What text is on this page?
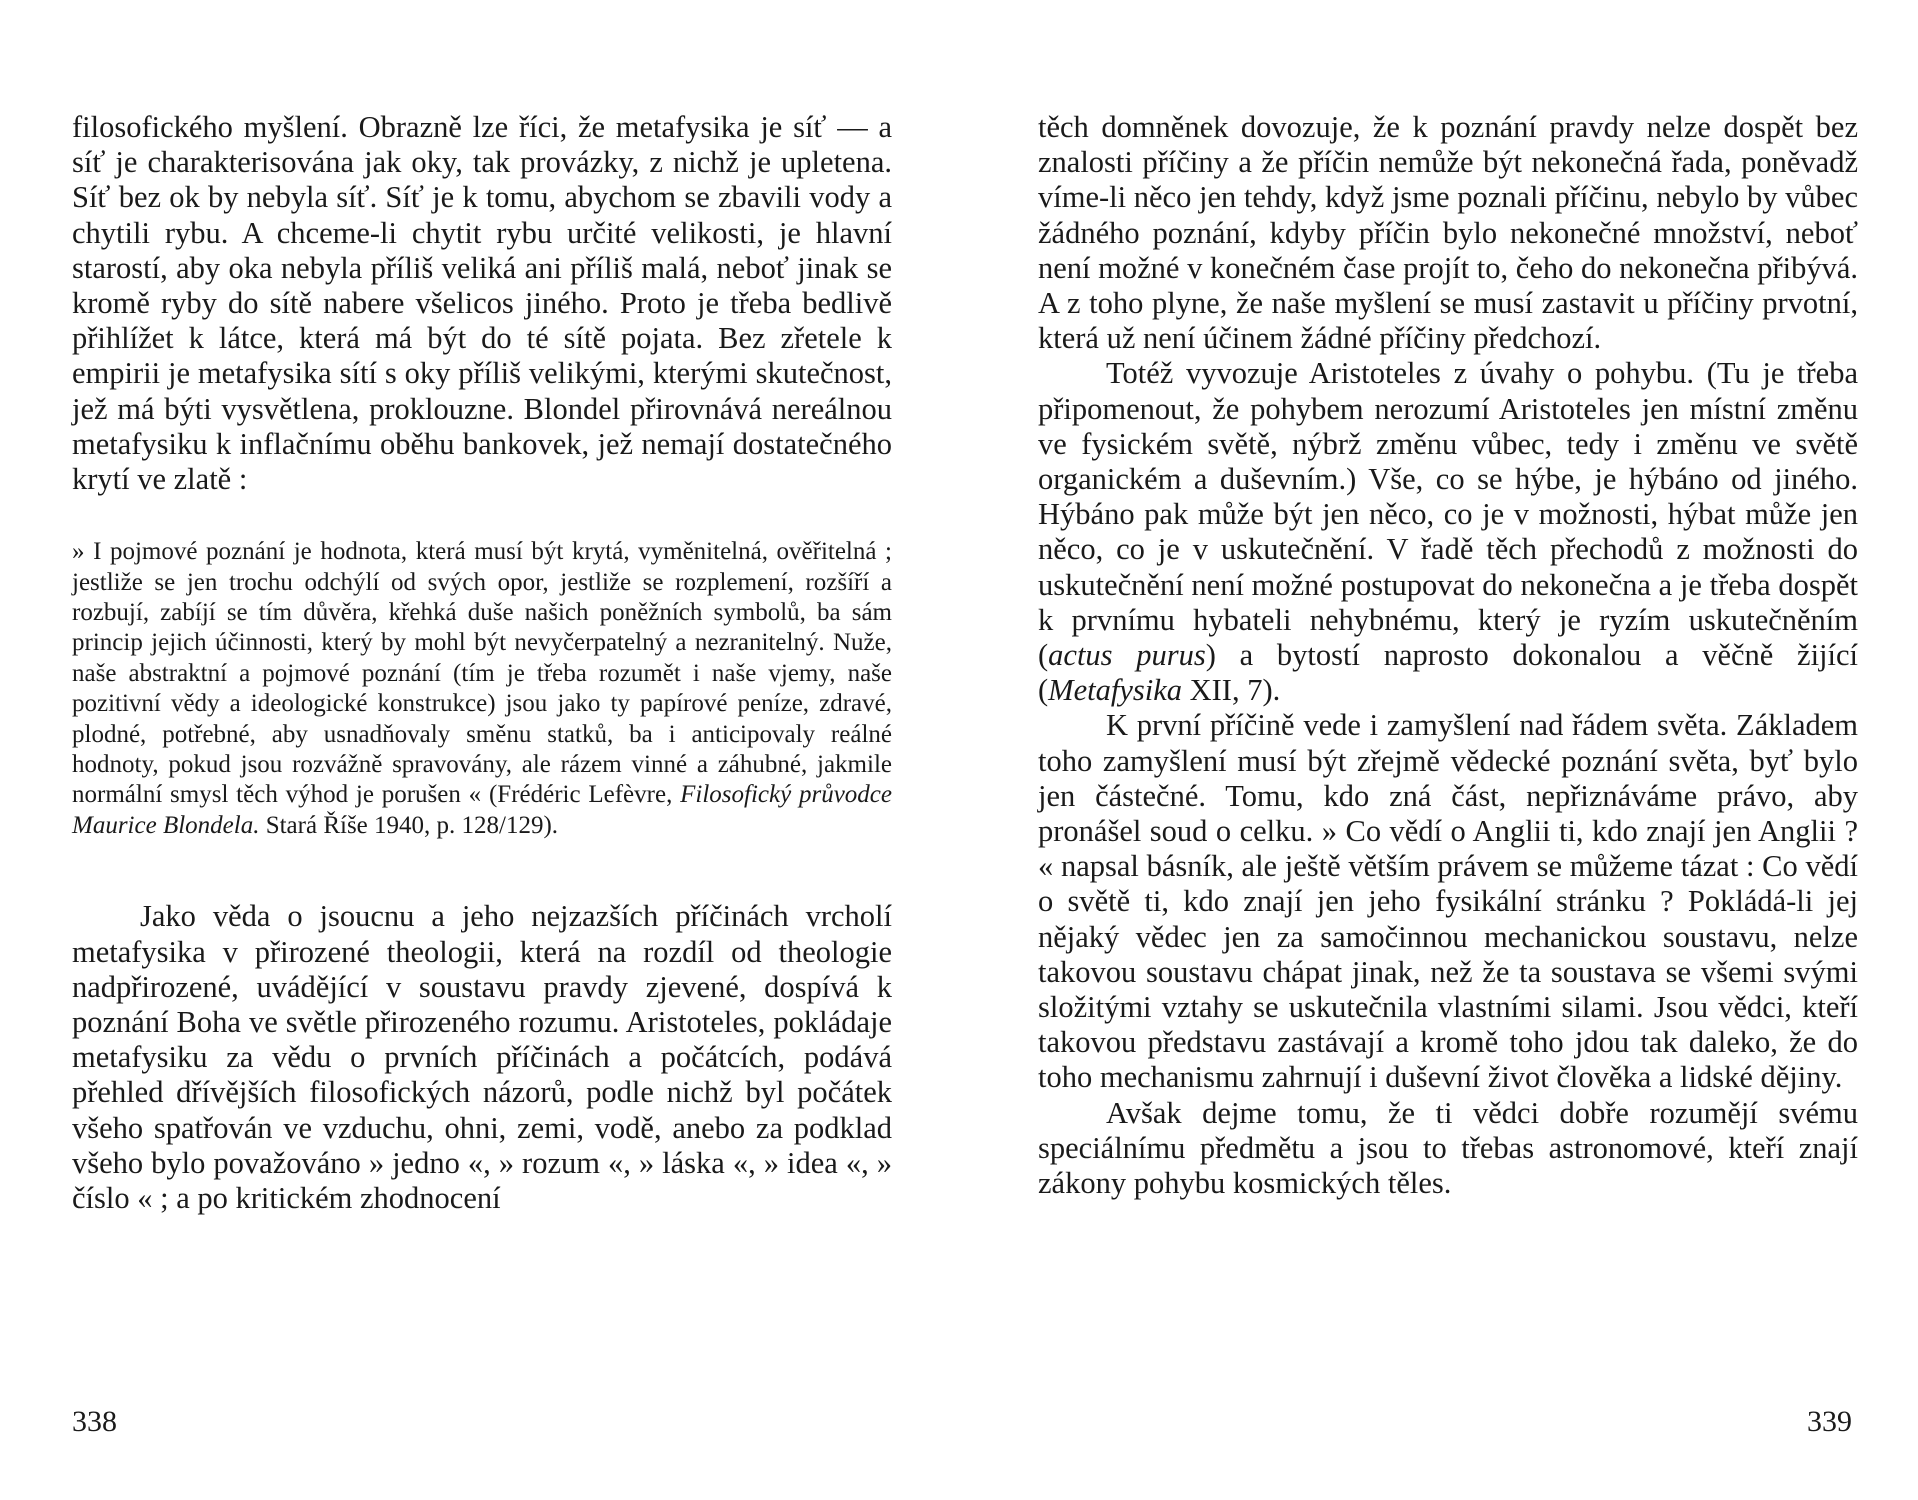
filosofického myšlení. Obrazně lze říci, že metafysika je síť — a síť je charakterisována jak oky, tak provázky, z nichž je upletena. Síť bez ok by nebyla síť. Síť je k tomu, abychom se zbavili vody a chytili rybu. A chceme-li chytit rybu určité velikosti, je hlavní starostí, aby oka nebyla příliš veliká ani příliš malá, neboť jinak se kromě ryby do sítě nabere všelicos jiného. Proto je třeba bedlivě přihlížet k látce, která má být do té sítě pojata. Bez zřetele k empirii je metafysika sítí s oky příliš velikými, kterými skutečnost, jež má býti vysvětlena, proklouzne. Blondel přirovnává nereálnou metafysiku k inflačnímu oběhu bankovek, jež nemají dostatečného krytí ve zlatě :

» I pojmové poznání je hodnota, která musí být krytá, vyměnitelná, ověřitelná ; jestliže se jen trochu odchýlí od svých opor, jestliže se rozplemení, rozšíří a rozbují, zabíjí se tím důvěra, křehká duše našich poněžních symbolů, ba sám princip jejich účinnosti, který by mohl být nevyčerpatelný a nezranitelný. Nuže, naše abstraktní a pojmové poznání (tím je třeba rozumět i naše vjemy, naše pozitivní vědy a ideologické konstrukce) jsou jako ty papírové peníze, zdravé, plodné, potřebné, aby usnadňovaly směnu statků, ba i anticipovaly reálné hodnoty, pokud jsou rozvážně spravovány, ale rázem vinné a záhubné, jakmile normální smysl těch výhod je porušen « (Frédéric Lefèvre, Filosofický průvodce Maurice Blondela. Stará Říše 1940, p. 128/129).

Jako věda o jsoucnu a jeho nejzazších příčinách vrcholí metafysika v přirozené theologii, která na rozdíl od theologie nadpřirozené, uvádějící v soustavu pravdy zjevené, dospívá k poznání Boha ve světle přirozeného rozumu. Aristoteles, pokládaje metafysiku za vědu o prvních příčinách a počátcích, podává přehled dřívějších filosofických názorů, podle nichž byl počátek všeho spatřován ve vzduchu, ohni, zemi, vodě, anebo za podklad všeho bylo považováno » jedno «, » rozum «, » láska «, » idea «, » číslo « ; a po kritickém zhodnocení

338

těch domněnek dovozuje, že k poznání pravdy nelze dospět bez znalosti příčiny a že příčin nemůže být nekonečná řada, poněvadž víme-li něco jen tehdy, když jsme poznali příčinu, nebylo by vůbec žádného poznání, kdyby příčin bylo nekonečné množství, neboť není možné v konečném čase projít to, čeho do nekonečna přibývá. A z toho plyne, že naše myšlení se musí zastavit u příčiny prvotní, která už není účinem žádné příčiny předchozí.

Totéž vyvozuje Aristoteles z úvahy o pohybu. (Tu je třeba připomenout, že pohybem nerozumí Aristoteles jen místní změnu ve fysickém světě, nýbrž změnu vůbec, tedy i změnu ve světě organickém a duševním.) Vše, co se hýbe, je hýbáno od jiného. Hýbáno pak může být jen něco, co je v možnosti, hýbat může jen něco, co je v uskutečnění. V řadě těch přechodů z možnosti do uskutečnění není možné postupovat do nekonečna a je třeba dospět k prvnímu hybateli nehybnému, který je ryzím uskutečněním (actus purus) a bytostí naprosto dokonalou a věčně žijící (Metafysika XII, 7).

K první příčině vede i zamyšlení nad řádem světa. Základem toho zamyšlení musí být zřejmě vědecké poznání světa, byť bylo jen částečné. Tomu, kdo zná část, nepřiznáváme právo, aby pronášel soud o celku. » Co vědí o Anglii ti, kdo znají jen Anglii ? « napsal básník, ale ještě větším právem se můžeme tázat : Co vědí o světě ti, kdo znají jen jeho fysikální stránku ? Pokládá-li jej nějaký vědec jen za samočinnou mechanickou soustavu, nelze takovou soustavu chápat jinak, než že ta soustava se všemi svými složitými vztahy se uskutečnila vlastními silami. Jsou vědci, kteří takovou představu zastávají a kromě toho jdou tak daleko, že do toho mechanismu zahrnují i duševní život člověka a lidské dějiny.

Avšak dejme tomu, že ti vědci dobře rozumějí svému speciálnímu předmětu a jsou to třebas astronomové, kteří znají zákony pohybu kosmických těles.

339
